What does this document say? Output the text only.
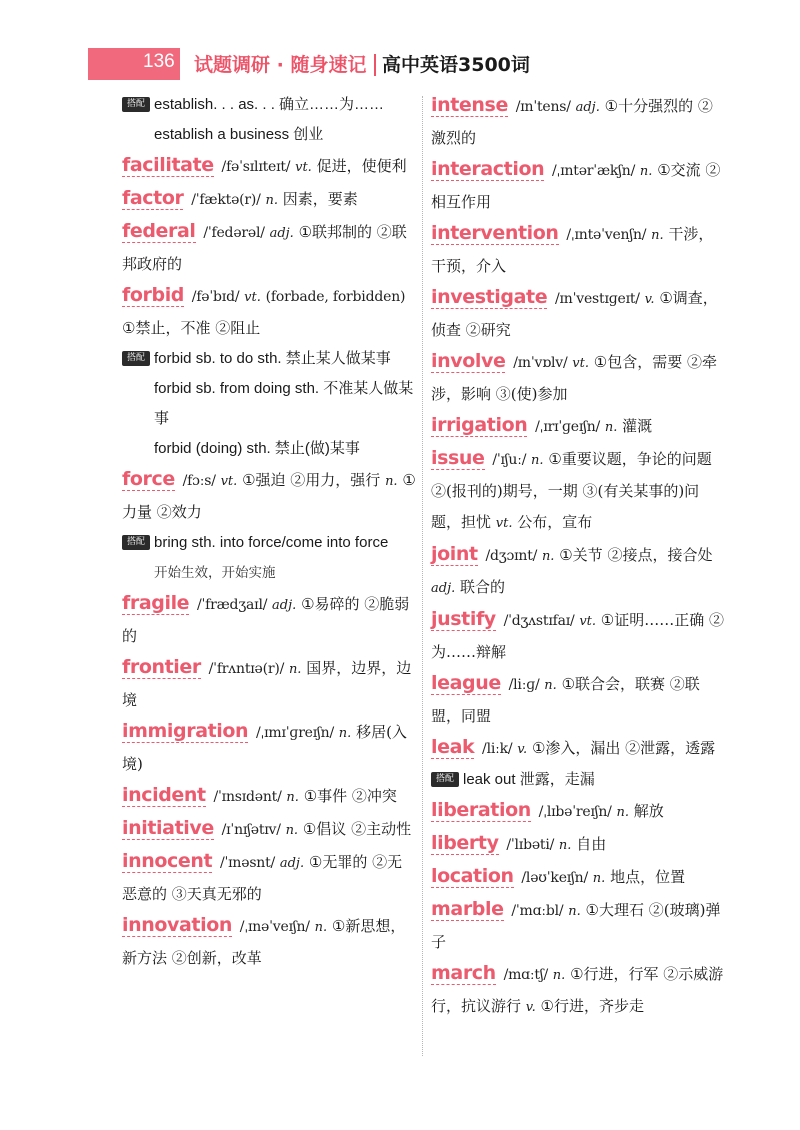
136 试题调研 · 随身速记 高中英语3500词
搭配 establish. . . as. . . 确立……为……
establish a business 创业
facilitate /fəˈsɪlɪteɪt/ vt. 促进，使便利
factor /ˈfæktə(r)/ n. 因素，要素
federal /ˈfedərəl/ adj. ①联邦制的 ②联邦政府的
forbid /fəˈbɪd/ vt. (forbade, forbidden) ①禁止，不准 ②阻止
搭配 forbid sb. to do sth. 禁止某人做某事
forbid sb. from doing sth. 不准某人做某事
forbid (doing) sth. 禁止(做)某事
force /fɔːs/ vt. ①强迫 ②用力，强行 n. ①力量 ②效力
搭配 bring sth. into force/come into force
开始生效，开始实施
fragile /ˈfrædʒaɪl/ adj. ①易碎的 ②脆弱的
frontier /ˈfrʌntɪə(r)/ n. 国界，边界，边境
immigration /ˌɪmɪˈɡreɪʃn/ n. 移居(入境)
incident /ˈɪnsɪdənt/ n. ①事件 ②冲突
initiative /ɪˈnɪʃətɪv/ n. ①倡议 ②主动性
innocent /ˈɪnəsnt/ adj. ①无罪的 ②无恶意的 ③天真无邪的
innovation /ˌɪnəˈveɪʃn/ n. ①新思想，新方法 ②创新，改革
intense /ɪnˈtens/ adj. ①十分强烈的 ②激烈的
interaction /ˌɪntərˈækʃn/ n. ①交流 ②相互作用
intervention /ˌɪntəˈvenʃn/ n. 干涉，干预，介入
investigate /ɪnˈvestɪɡeɪt/ v. ①调查，侦查 ②研究
involve /ɪnˈvɒlv/ vt. ①包含，需要 ②牵涉，影响 ③(使)参加
irrigation /ˌɪrɪˈɡeɪʃn/ n. 灌溉
issue /ˈɪʃuː/ n. ①重要议题，争论的问题 ②(报刊的)期号，一期 ③(有关某事的)问题，担忧 vt. 公布，宣布
joint /dʒɔɪnt/ n. ①关节 ②接点，接合处 adj. 联合的
justify /ˈdʒʌstɪfaɪ/ vt. ①证明……正确 ②为……辩解
league /liːɡ/ n. ①联合会，联赛 ②联盟，同盟
leak /liːk/ v. ①渗入，漏出 ②泄露，透露
搭配 leak out 泄露，走漏
liberation /ˌlɪbəˈreɪʃn/ n. 解放
liberty /ˈlɪbəti/ n. 自由
location /ləʊˈkeɪʃn/ n. 地点，位置
marble /ˈmɑːbl/ n. ①大理石 ②(玻璃)弹子
march /mɑːtʃ/ n. ①行进，行军 ②示威游行，抗议游行 v. ①行进，齐步走
